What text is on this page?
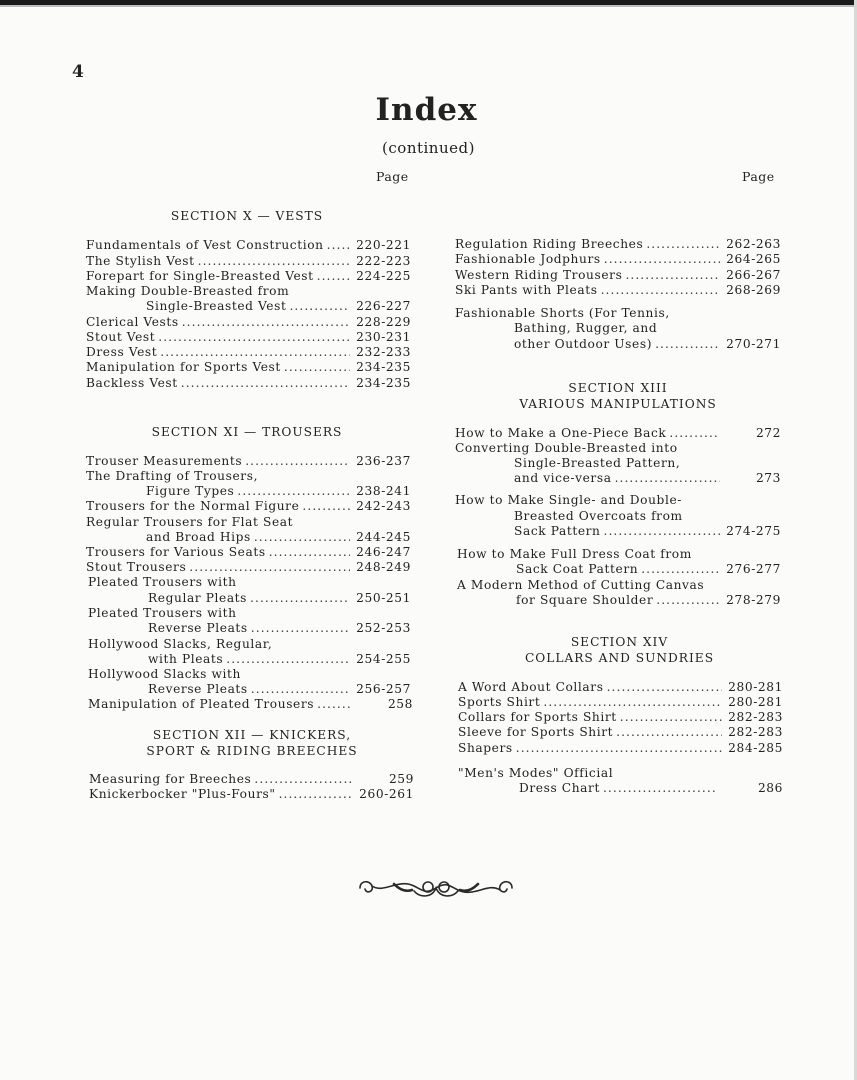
4
Index
(continued)
Page	Page
SECTION X — VESTS
Fundamentals of Vest Construction . . .	220-221
The Stylish Vest . . .	222-223
Forepart for Single-Breasted Vest . . .	224-225
Making Double-Breasted from
Single-Breasted Vest . . .	226-227
Clerical Vests . . .	228-229
Stout Vest . . .	230-231
Dress Vest . . .	232-233
Manipulation for Sports Vest . . .	234-235
Backless Vest . . .	234-235
SECTION XI — TROUSERS
Trouser Measurements . . .	236-237
The Drafting of Trousers,
Figure Types . . .	238-241
Trousers for the Normal Figure . . .	242-243
Regular Trousers for Flat Seat
and Broad Hips . . .	244-245
Trousers for Various Seats . . .	246-247
Stout Trousers . . .	248-249
Pleated Trousers with
Regular Pleats . . .	250-251
Pleated Trousers with
Reverse Pleats . . .	252-253
Hollywood Slacks, Regular,
with Pleats . . .	254-255
Hollywood Slacks with
Reverse Pleats . . .	256-257
Manipulation of Pleated Trousers . . .	258
SECTION XII — KNICKERS,
SPORT & RIDING BREECHES
Measuring for Breeches . . .	259
Knickerbocker "Plus-Fours" . . .	260-261
Regulation Riding Breeches . . .	262-263
Fashionable Jodphurs . . .	264-265
Western Riding Trousers . . .	266-267
Ski Pants with Pleats . . .	268-269
Fashionable Shorts (For Tennis,
Bathing, Rugger, and
other Outdoor Uses) . . .	270-271
SECTION XIII
VARIOUS MANIPULATIONS
How to Make a One-Piece Back . . .	272
Converting Double-Breasted into
Single-Breasted Pattern,
and vice-versa . . .	273
How to Make Single- and Double-
Breasted Overcoats from
Sack Pattern . . .	274-275
How to Make Full Dress Coat from
Sack Coat Pattern . . .	276-277
A Modern Method of Cutting Canvas
for Square Shoulder . . .	278-279
SECTION XIV
COLLARS AND SUNDRIES
A Word About Collars . . .	280-281
Sports Shirt . . .	280-281
Collars for Sports Shirt . . .	282-283
Sleeve for Sports Shirt . . .	282-283
Shapers . . .	284-285
"Men's Modes" Official
Dress Chart . . .	286
